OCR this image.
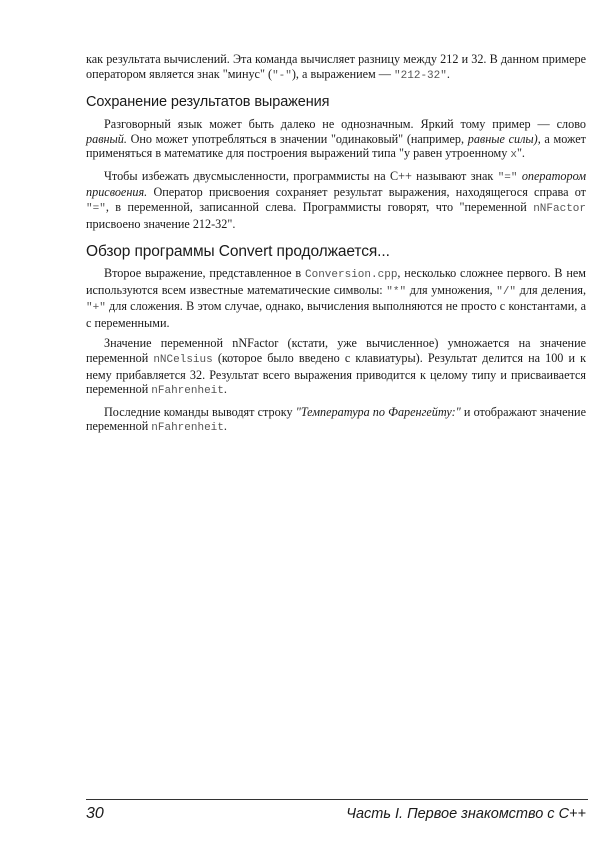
как результата вычислений. Эта команда вычисляет разницу между 212 и 32. В данном примере оператором является знак "минус" ("-"), а выражением — "212-32".

Сохранение результатов выражения

Разговорный язык может быть далеко не однозначным. Яркий тому пример — слово равный. Оно может употребляться в значении "одинаковый" (например, равные силы), а может применяться в математике для построения выражений типа "у равен утроенному х".

Чтобы избежать двусмысленности, программисты на C++ называют знак "=" оператором присвоения. Оператор присвоения сохраняет результат выражения, находящегося справа от "=", в переменной, записанной слева. Программисты говорят, что "переменной nNFactor присвоено значение 212-32".

Обзор программы Convert продолжается...

Второе выражение, представленное в Conversion.cpp, несколько сложнее первого. В нем используются всем известные математические символы: "*" для умножения, "/" для деления, "+" для сложения. В этом случае, однако, вычисления выполняются не просто с константами, а с переменными.

Значение переменной nNFactor (кстати, уже вычисленное) умножается на значение переменной nNCelsius (которое было введено с клавиатуры). Результат делится на 100 и к нему прибавляется 32. Результат всего выражения приводится к целому типу и присваивается переменной nFahrenheit.

Последние команды выводят строку "Температура по Фаренгейту:" и отображают значение переменной nFahrenheit.

30	Часть I. Первое знакомство с C++
